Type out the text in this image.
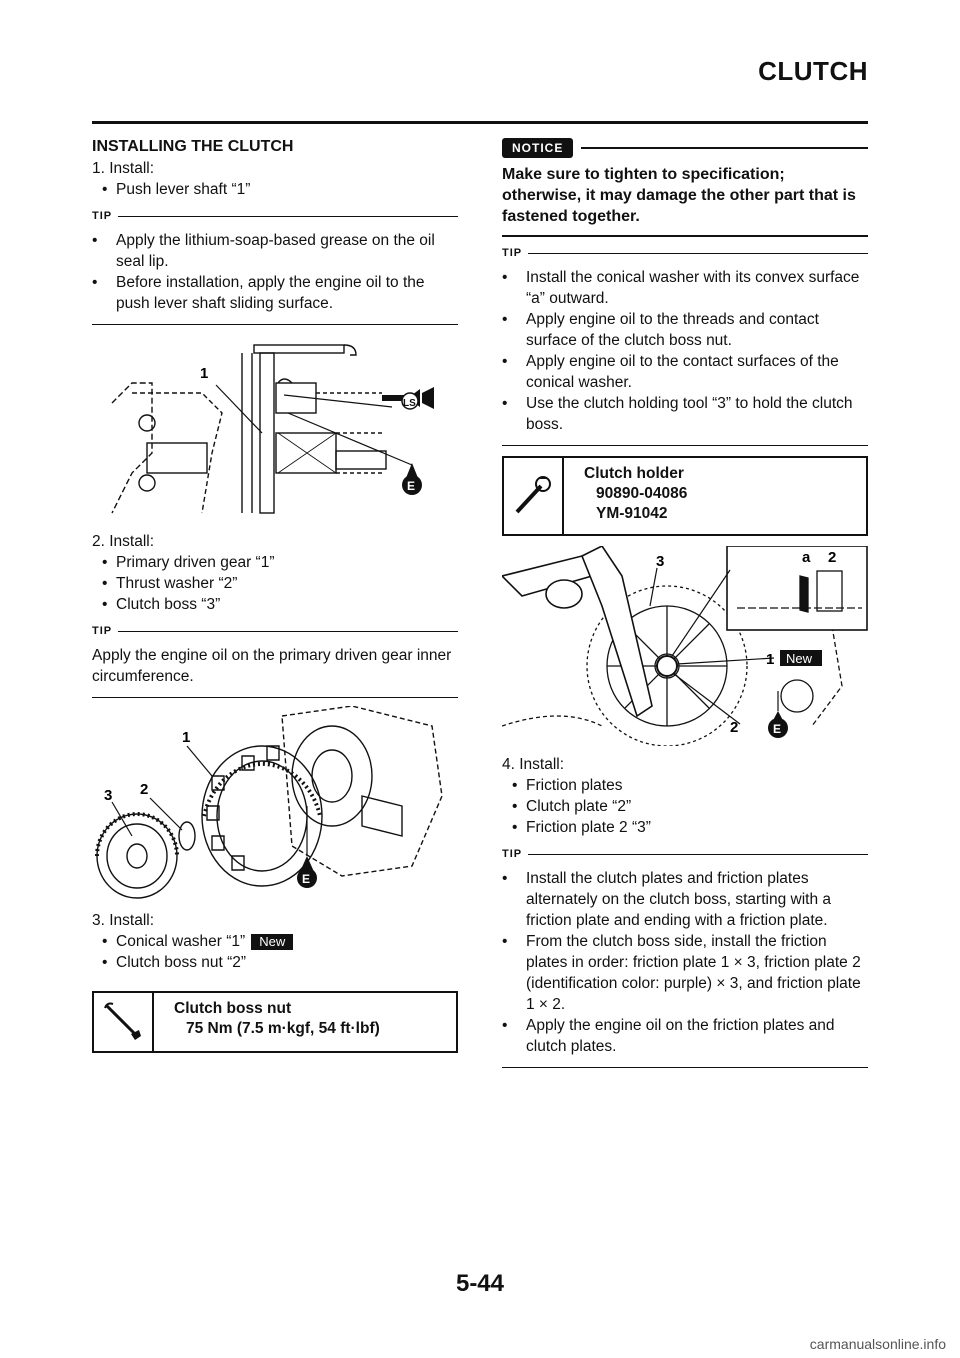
CLUTCH
INSTALLING THE CLUTCH
1. Install:
• Push lever shaft “1”
TIP
• Apply the lithium-soap-based grease on the oil seal lip.
• Before installation, apply the engine oil to the push lever shaft sliding surface.
LS
E
1
2. Install:
• Primary driven gear “1”
• Thrust washer “2”
• Clutch boss “3”
TIP
Apply the engine oil on the primary driven gear inner circumference.
E
1
2
3
3. Install:
• Conical washer “1” New
• Clutch boss nut “2”
Clutch boss nut
75 Nm (7.5 m·kgf, 54 ft·lbf)
NOTICE
Make sure to tighten to specification; otherwise, it may damage the other part that is fastened together.
TIP
• Install the conical washer with its convex surface “a” outward.
• Apply engine oil to the threads and contact surface of the clutch boss nut.
• Apply engine oil to the contact surfaces of the conical washer.
• Use the clutch holding tool “3” to hold the clutch boss.
Clutch holder
90890-04086
YM-91042
E
New
3	a 2
1
2
4. Install:
• Friction plates
• Clutch plate “2”
• Friction plate 2 “3”
TIP
• Install the clutch plates and friction plates alternately on the clutch boss, starting with a friction plate and ending with a friction plate.
• From the clutch boss side, install the friction plates in order: friction plate 1 × 3, friction plate 2 (identification color: purple) × 3, and friction plate 1 × 2.
• Apply the engine oil on the friction plates and clutch plates.
5-44
carmanualsonline.info
